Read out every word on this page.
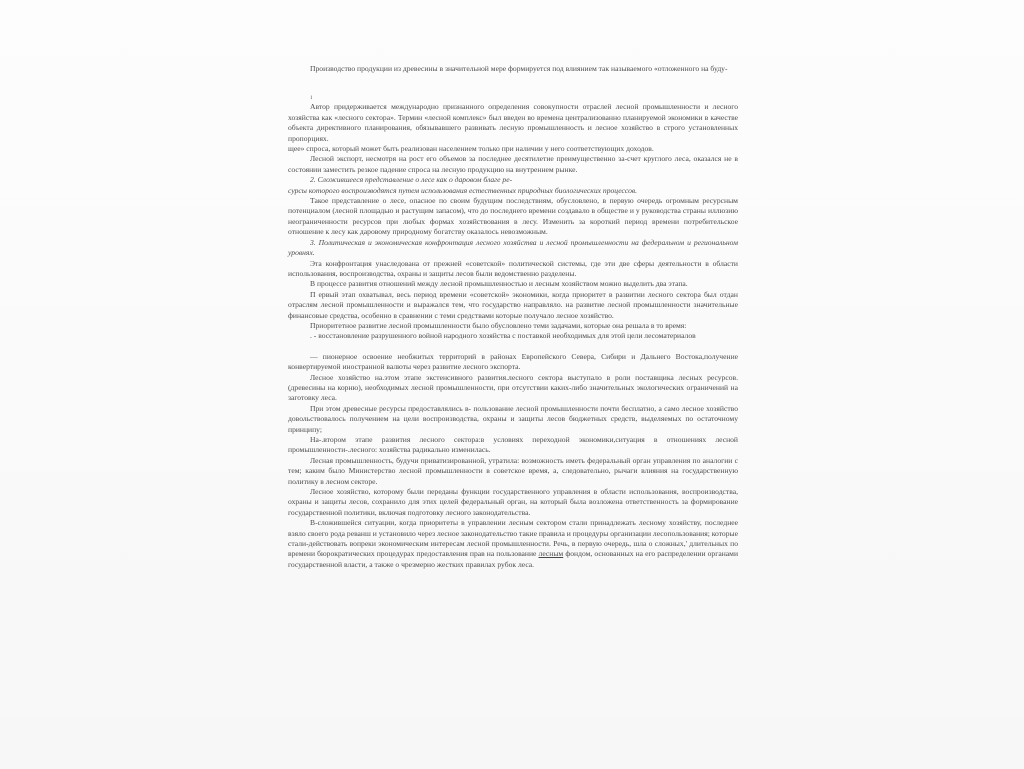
Производство продукции из древесины в значительной мере формируется под влиянием так называемого «отложенного на буду-

1

Автор придерживается международно признанного определения совокупности отраслей лесной промышленности и лесного хозяйства как «лесного сектора». Термин «лесной комплекс» был введен во времена централизованно планируемой экономики в качестве объекта директивного планирования, обязывавшего развивать лесную промышленность и лесное хозяйство в строго установленных пропорциях.

щее» спроса, который может быть реализован населением только при наличии у него соответствующих доходов.

Лесной экспорт, несмотря на рост его объемов за последнее десятилетие преимущественно за-счет круглого леса, оказался не в состоянии заместить резкое падение спроса на лесную продукцию на внутреннем рынке.

2. Сложившееся представление о лесе как о даровом благе ре-

сурсы которого воспроизводятся путем использования естественных природных биологических процессов.

Такое представление о лесе, опасное по своим будущим последствиям, обусловлено, в первую очередь огромным ресурсным потенциалом (лесной площадью и растущим запасом), что до последнего времени создавало в обществе и у руководства страны иллюзию неограниченности ресурсов при любых формах хозяйствования в лесу. Изменить за короткий период времени потребительское отношение к лесу как даровому природному богатству оказалось невозможным.

3. Политическая и экономическая конфронтация лесного хозяйства и лесной промышленности на федеральном и региональном уровнях.

Эта конфронтация унаследована от прежней «советской» политической системы, где эти две сферы деятельности в области использования, воспроизводства, охраны и защиты лесов были ведомственно разделены.

В процессе развития отношений между лесной промышленностью и лесным хозяйством можно выделить два этапа.

П ервый этап охватывал, весь период времени «советской» экономики, когда приоритет в развитии лесного сектора был отдан отраслям лесной промышленности и выражался тем, что государство направляло. на развитие лесной промышленности значительные финансовые средства, особенно в сравнении с теми средствами которые получало лесное хозяйство.

Приоритетное развитие лесной промышленности было обусловлено теми задачами, которые она решала в то время:

. - восстановление разрушенного войной народного хозяйства с поставкой необходимых для этой цели лесоматериалов

— пионерное освоение необжитых территорий в районах Европейского Севера, Сибири и Дальнего Востока,получение конвертируемой иностранной валюты через развитие лесного экспорта.

Лесное хозяйство на.этом этапе экстенсивного развития.лесного сектора выступало в роли поставщика лесных ресурсов.(древесины на корню), необходимых лесной промышленности, при отсутствии каких-либо значительных экологических ограничений на заготовку леса.

При этом древесные ресурсы предоставлялись в- пользование лесной промышленности почти бесплатно, а само лесное хозяйство довольствовалось получением на цели воспроизводства, охраны и защиты лесов бюджетных средств, выделяемых по остаточному принципу;

На-.втором этапе развития лесного сектора:в условиях переходной экономики,ситуация в отношениях лесной промышленности-.лесного: хозяйства радикально изменилась.

Лесная промышленность, будучи приватизированной, утратила: возможность иметь федеральный орган управления по аналогии с тем; каким было Министерство лесной промышленности в советское время, а, следовательно, рычаги влияния на государственную политику в лесном секторе.

Лесное хозяйство, которому были переданы функции государственного управления в области использования, воспроизводства, охраны и защиты лесов, сохранило для этих целей федеральный орган, на который была возложена ответственность за формирование государственной политики, включая подготовку лесного законодательства.

В-сложившейся ситуации, когда приоритеты в управлении лесным сектором стали принадлежать лесному хозяйству, последнее взяло своего рода реванш и установило через лесное законодательство такие правила и процедуры организации лесопользования; которые стали-действовать вопреки экономическим интересам лесной промышленности. Речь, в первую очередь, шла о сложных,' длительных по времени бюрократических процедурах предоставления прав на пользование лесным фондом, основанных на его распределении органами государственной власти, а также о чрезмерно жестких правилах рубок леса.
